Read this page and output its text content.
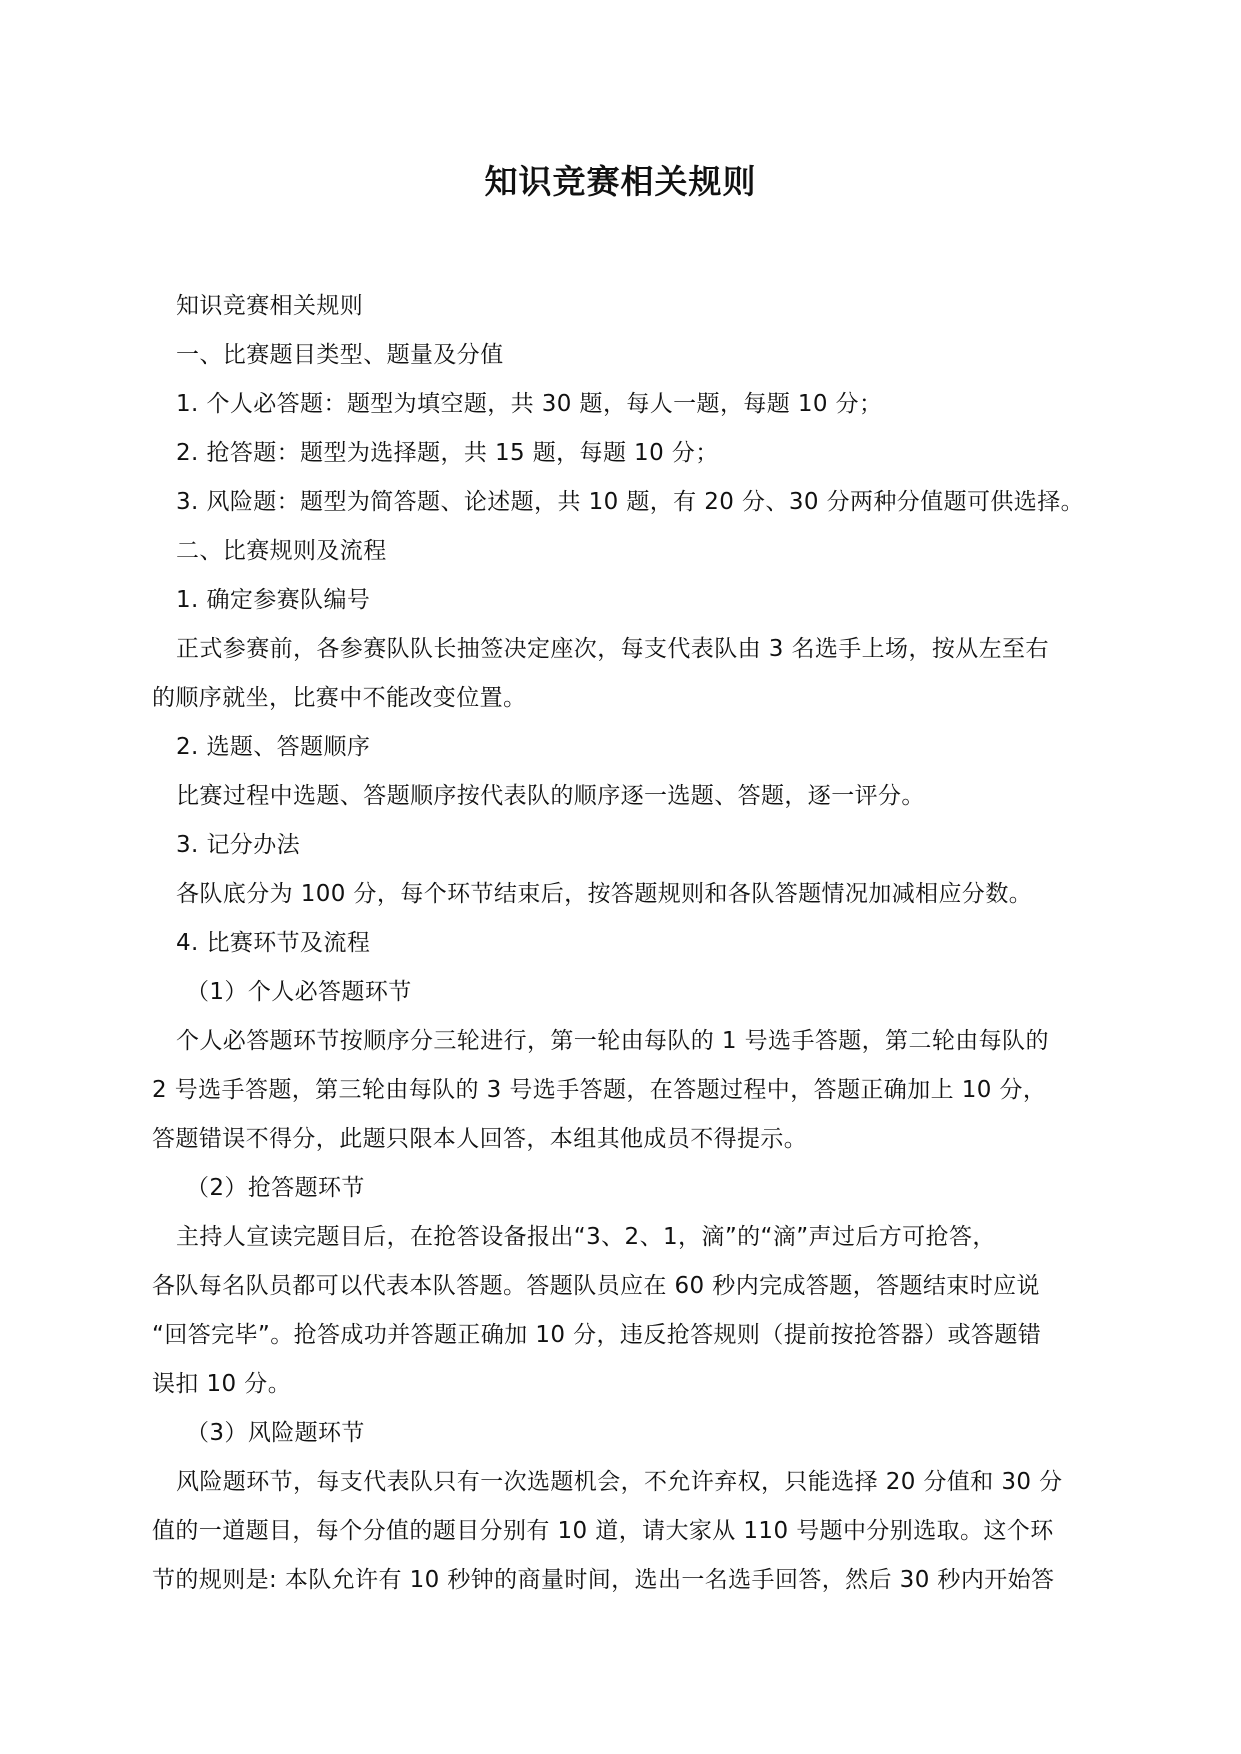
知识竞赛相关规则

知识竞赛相关规则

一、比赛题目类型、题量及分值

1. 个人必答题：题型为填空题，共 30 题，每人一题，每题 10 分；

2. 抢答题：题型为选择题，共 15 题，每题 10 分；

3. 风险题：题型为简答题、论述题，共 10 题，有 20 分、30 分两种分值题可供选择。

二、比赛规则及流程

1. 确定参赛队编号

正式参赛前，各参赛队队长抽签决定座次，每支代表队由 3 名选手上场，按从左至右

的顺序就坐，比赛中不能改变位置。

2. 选题、答题顺序

比赛过程中选题、答题顺序按代表队的顺序逐一选题、答题，逐一评分。

3. 记分办法

各队底分为 100 分，每个环节结束后，按答题规则和各队答题情况加减相应分数。

4. 比赛环节及流程

（1）个人必答题环节

个人必答题环节按顺序分三轮进行，第一轮由每队的 1 号选手答题，第二轮由每队的

2 号选手答题，第三轮由每队的 3 号选手答题，在答题过程中，答题正确加上 10 分，

答题错误不得分，此题只限本人回答，本组其他成员不得提示。

（2）抢答题环节

主持人宣读完题目后，在抢答设备报出“3、2、1，滴”的“滴”声过后方可抢答，

各队每名队员都可以代表本队答题。答题队员应在 60 秒内完成答题，答题结束时应说

“回答完毕”。抢答成功并答题正确加 10 分，违反抢答规则（提前按抢答器）或答题错

误扣 10 分。

（3）风险题环节

风险题环节，每支代表队只有一次选题机会，不允许弃权，只能选择 20 分值和 30 分

值的一道题目，每个分值的题目分别有 10 道，请大家从 110 号题中分别选取。这个环

节的规则是: 本队允许有 10 秒钟的商量时间，选出一名选手回答，然后 30 秒内开始答
